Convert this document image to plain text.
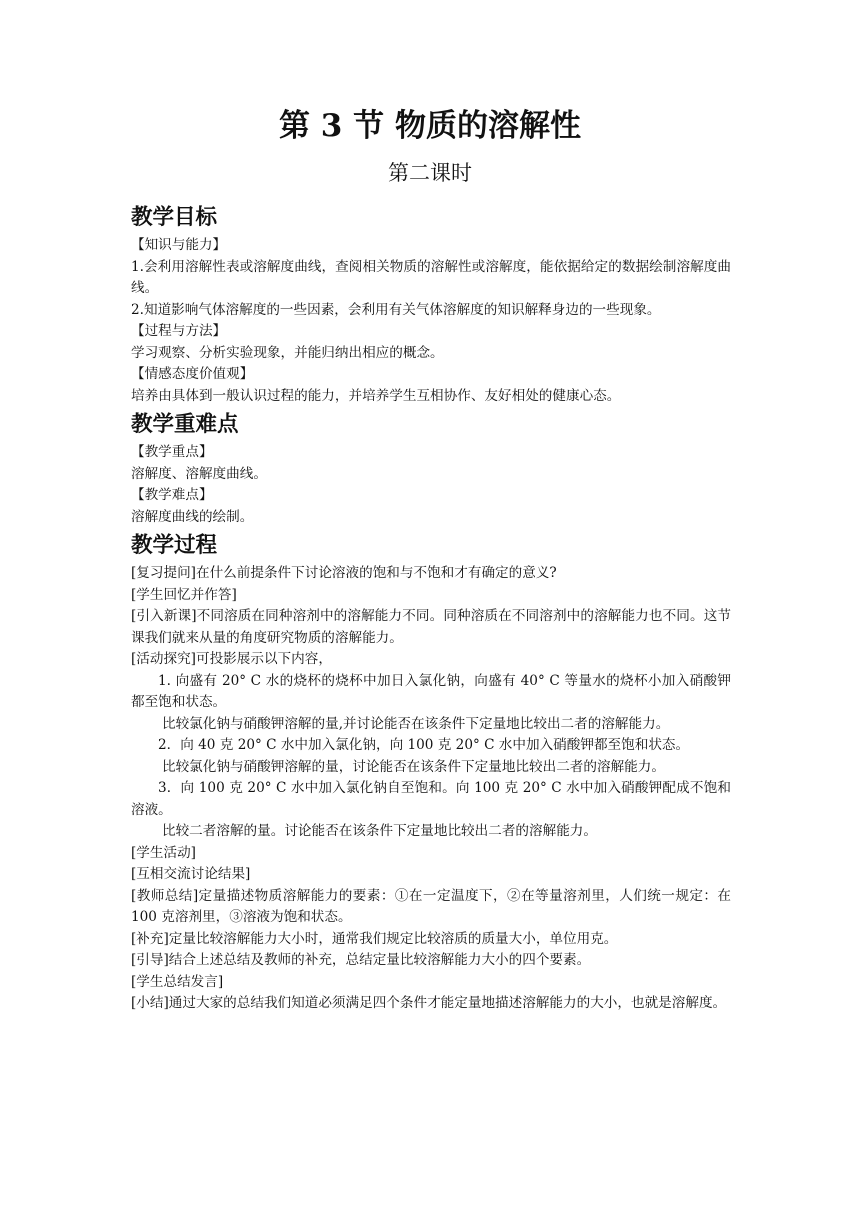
第 3 节 物质的溶解性
第二课时
教学目标

【知识与能力】

1.会利用溶解性表或溶解度曲线，查阅相关物质的溶解性或溶解度，能依据给定的数据绘制溶解度曲线。

2.知道影响气体溶解度的一些因素，会利用有关气体溶解度的知识解释身边的一些现象。

【过程与方法】

学习观察、分析实验现象，并能归纳出相应的概念。

【情感态度价值观】

培养由具体到一般认识过程的能力，并培养学生互相协作、友好相处的健康心态。

教学重难点

【教学重点】

溶解度、溶解度曲线。

【教学难点】

溶解度曲线的绘制。

教学过程

[复习提问]在什么前提条件下讨论溶液的饱和与不饱和才有确定的意义?

[学生回忆并作答]

[引入新课]不同溶质在同种溶剂中的溶解能力不同。同种溶质在不同溶剂中的溶解能力也不同。这节课我们就来从量的角度研究物质的溶解能力。

[活动探究]可投影展示以下内容，

1. 向盛有 20° C 水的烧杯的烧杯中加日入氯化钠，向盛有 40° C 等量水的烧杯小加入硝酸钾都至饱和状态。

比较氯化钠与硝酸钾溶解的量,并讨论能否在该条件下定量地比较出二者的溶解能力。

2．向 40 克 20° C 水中加入氯化钠，向 100 克 20° C 水中加入硝酸钾都至饱和状态。

比较氯化钠与硝酸钾溶解的量，讨论能否在该条件下定量地比较出二者的溶解能力。

3．向 100 克 20° C 水中加入氯化钠自至饱和。向 100 克 20° C 水中加入硝酸钾配成不饱和溶液。

比较二者溶解的量。讨论能否在该条件下定量地比较出二者的溶解能力。

[学生活动]

[互相交流讨论结果]

[教师总结]定量描述物质溶解能力的要素：①在一定温度下，②在等量溶剂里，人们统一规定：在 100 克溶剂里，③溶液为饱和状态。

[补充]定量比较溶解能力大小时，通常我们规定比较溶质的质量大小，单位用克。

[引导]结合上述总结及教师的补充，总结定量比较溶解能力大小的四个要素。

[学生总结发言]

[小结]通过大家的总结我们知道必须满足四个条件才能定量地描述溶解能力的大小，也就是溶解度。
